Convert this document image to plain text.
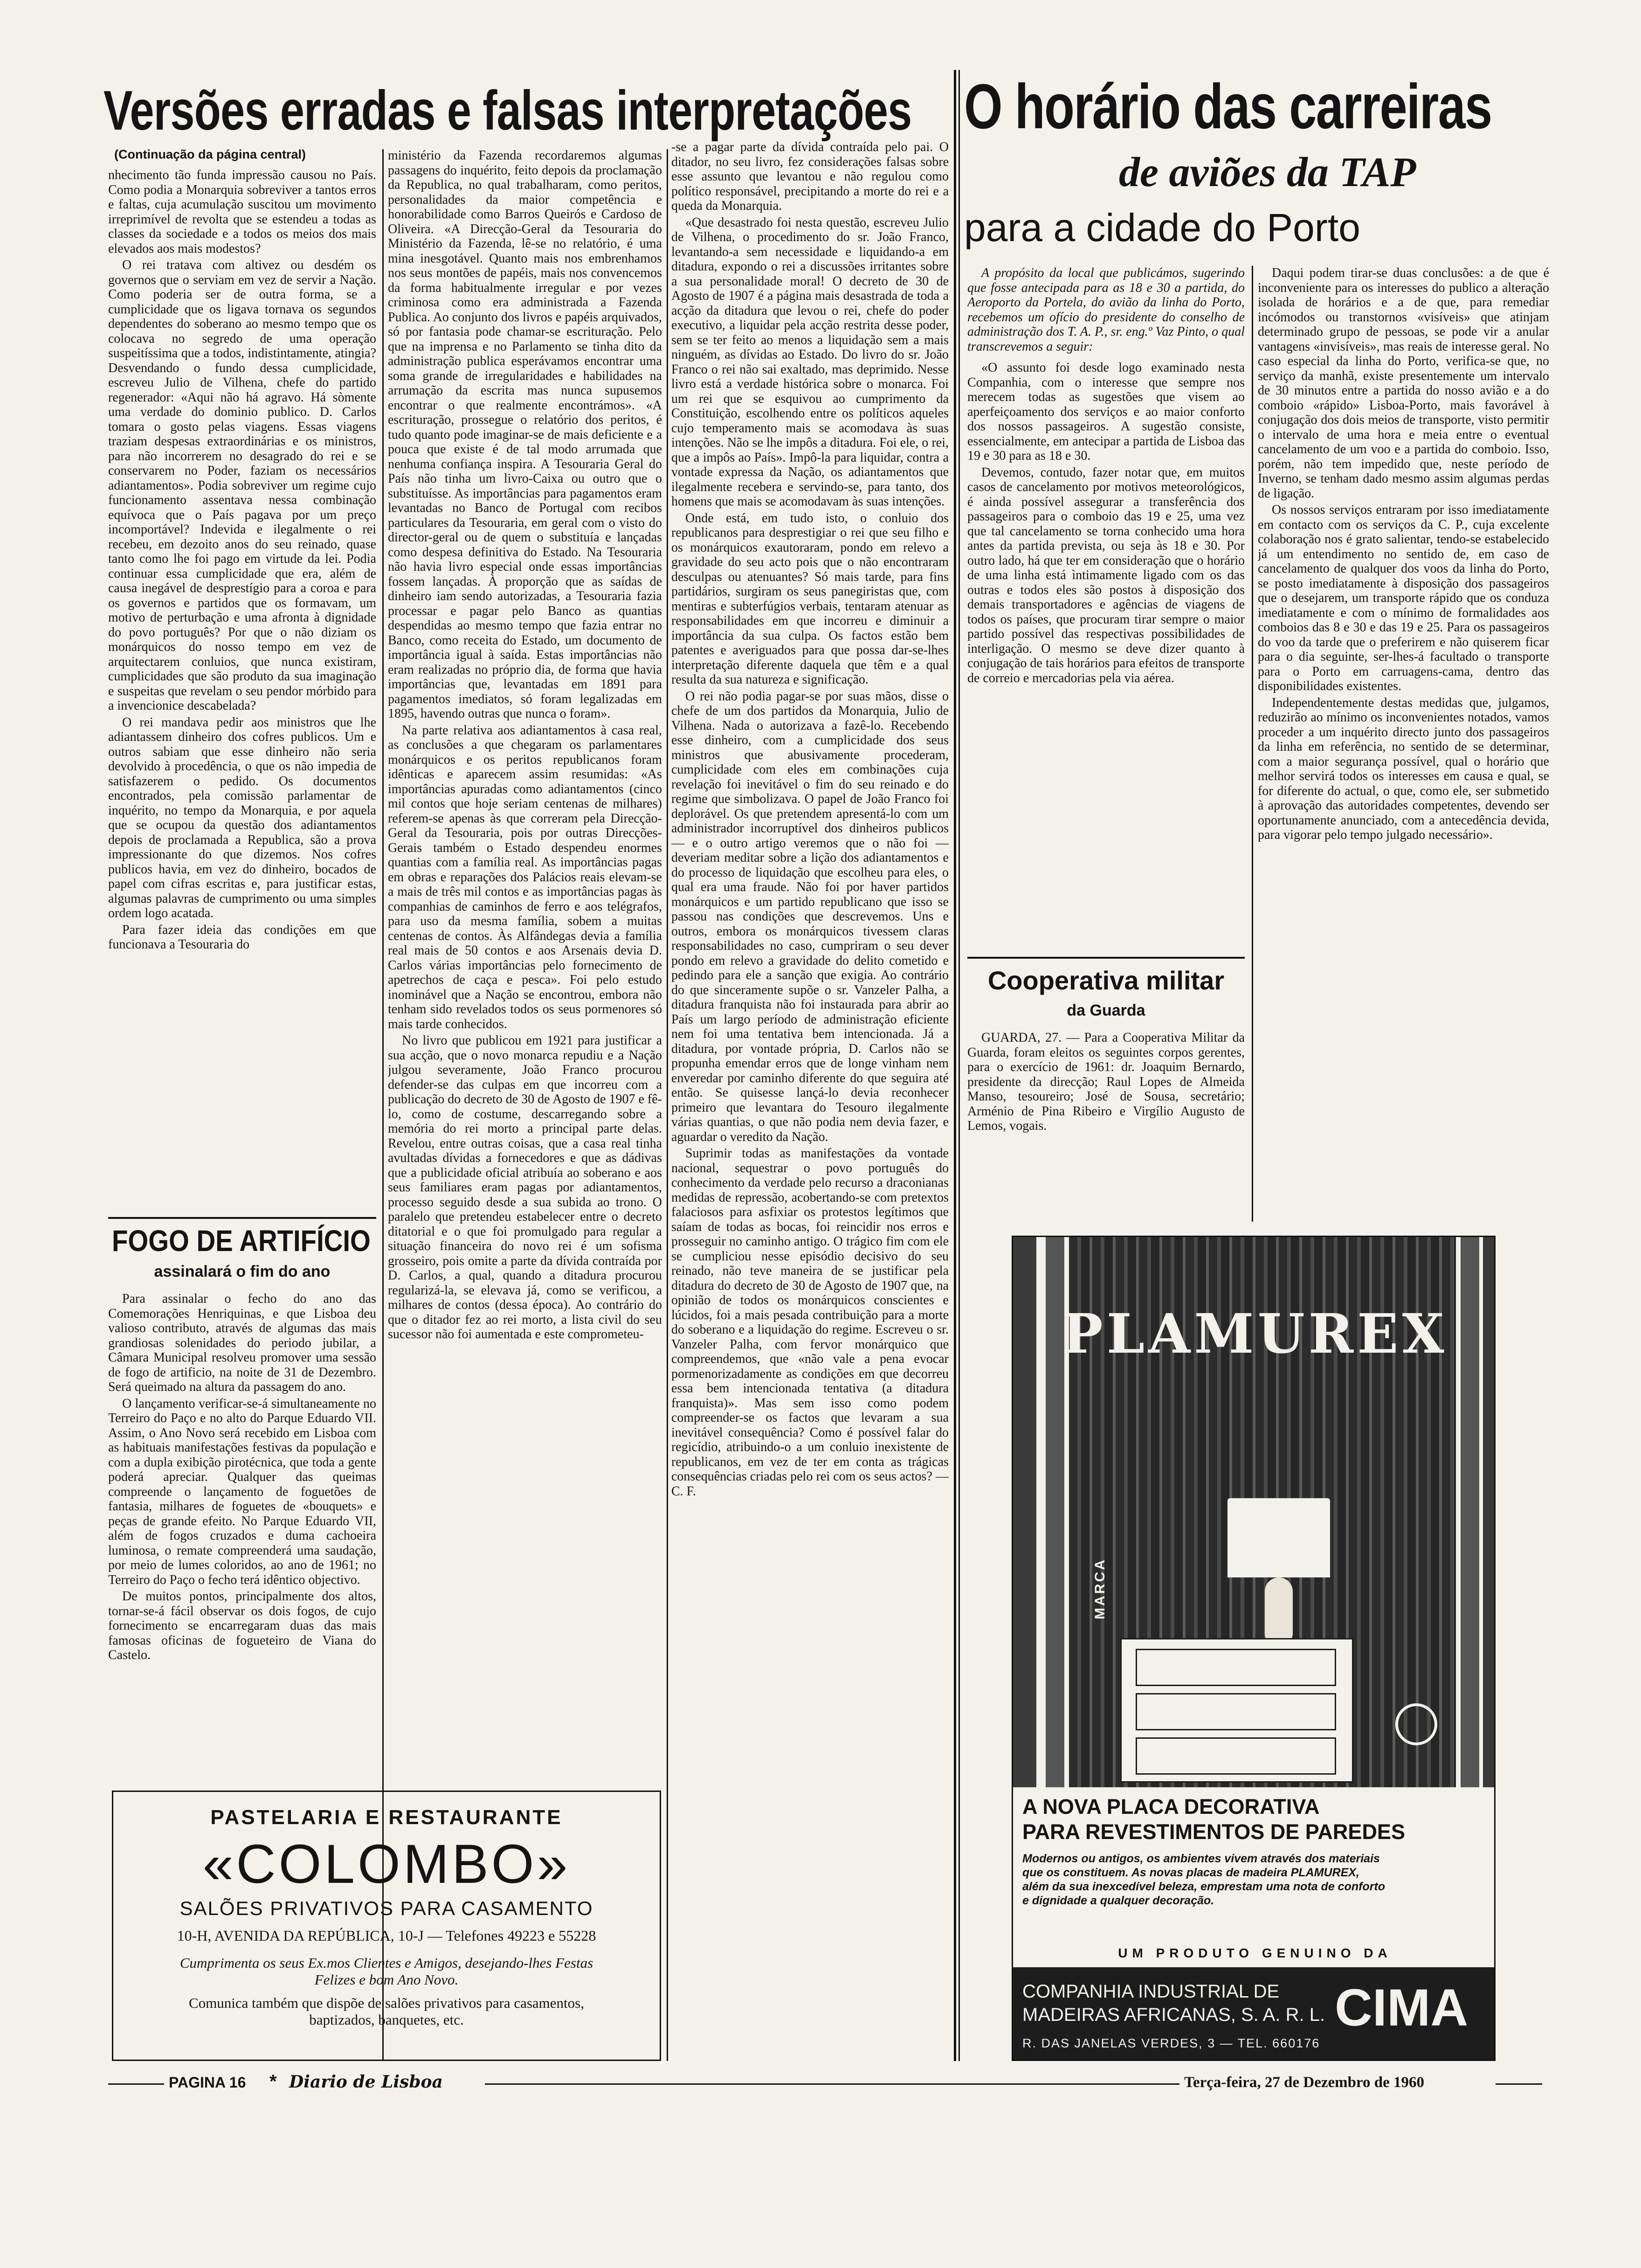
Versões erradas e falsas interpretações
(Continuação da página central)

nhecimento tão funda impressão causou no País. Como podia a Monarquia sobreviver a tantos erros e faltas, cuja acumulação suscitou um movimento irreprimível de revolta que se estendeu a todas as classes da sociedade e a todos os meios dos mais elevados aos mais modestos?

O rei tratava com altivez ou desdém os governos que o serviam em vez de servir a Nação. Como poderia ser de outra forma, se a cumplicidade que os ligava tornava os segundos dependentes do soberano ao mesmo tempo que os colocava no segredo de uma operação suspeitíssima que a todos, indistintamente, atingia? Desvendando o fundo dessa cumplicidade, escreveu Julio de Vilhena, chefe do partido regenerador: «Aqui não há agravo. Há sòmente uma verdade do dominio publico. D. Carlos tomara o gosto pelas viagens. Essas viagens traziam despesas extraordinárias e os ministros, para não incorrerem no desagrado do rei e se conservarem no Poder, faziam os necessários adiantamentos». Podia sobreviver um regime cujo funcionamento assentava nessa combinação equívoca que o País pagava por um preço incomportável? Indevida e ilegalmente o rei recebeu, em dezoito anos do seu reinado, quase tanto como lhe foi pago em virtude da lei. Podia continuar essa cumplicidade que era, além de causa inegável de desprestígio para a coroa e para os governos e partidos que os formavam, um motivo de perturbação e uma afronta à dignidade do povo português? Por que o não diziam os monárquicos do nosso tempo em vez de arquitectarem conluios, que nunca existiram, cumplicidades que são produto da sua imaginação e suspeitas que revelam o seu pendor mórbido para a invencionice descabelada?

O rei mandava pedir aos ministros que lhe adiantassem dinheiro dos cofres publicos. Um e outros sabiam que esse dinheiro não seria devolvido à procedência, o que os não impedia de satisfazerem o pedido. Os documentos encontrados, pela comissão parlamentar de inquérito, no tempo da Monarquia, e por aquela que se ocupou da questão dos adiantamentos depois de proclamada a Republica, são a prova impressionante do que dizemos. Nos cofres publicos havia, em vez do dinheiro, bocados de papel com cifras escritas e, para justificar estas, algumas palavras de cumprimento ou uma simples ordem logo acatada.

Para fazer ideia das condições em que funcionava a Tesouraria do

ministério da Fazenda recordaremos algumas passagens do inquérito, feito depois da proclamação da Republica, no qual trabalharam, como peritos, personalidades da maior competência e honorabilidade como Barros Queirós e Cardoso de Oliveira. «A Direcção-Geral da Tesouraria do Ministério da Fazenda, lê-se no relatório, é uma mina inesgotável. Quanto mais nos embrenhamos nos seus montões de papéis, mais nos convencemos da forma habitualmente irregular e por vezes criminosa como era administrada a Fazenda Publica. Ao conjunto dos livros e papéis arquivados, só por fantasia pode chamar-se escrituração. Pelo que na imprensa e no Parlamento se tinha dito da administração publica esperávamos encontrar uma soma grande de irregularidades e habilidades na arrumação da escrita mas nunca supusemos encontrar o que realmente encontrámos». «A escrituração, prossegue o relatório dos peritos, é tudo quanto pode imaginar-se de mais deficiente e a pouca que existe é de tal modo arrumada que nenhuma confiança inspira. A Tesouraria Geral do País não tinha um livro-Caixa ou outro que o substituísse. As importâncias para pagamentos eram levantadas no Banco de Portugal com recibos particulares da Tesouraria, em geral com o visto do director-geral ou de quem o substituía e lançadas como despesa definitiva do Estado. Na Tesouraria não havia livro especial onde essas importâncias fossem lançadas. À proporção que as saídas de dinheiro iam sendo autorizadas, a Tesouraria fazia processar e pagar pelo Banco as quantias despendidas ao mesmo tempo que fazia entrar no Banco, como receita do Estado, um documento de importância igual à saída. Estas importâncias não eram realizadas no próprio dia, de forma que havia importâncias que, levantadas em 1891 para pagamentos imediatos, só foram legalizadas em 1895, havendo outras que nunca o foram».

Na parte relativa aos adiantamentos à casa real, as conclusões a que chegaram os parlamentares monárquicos e os peritos republicanos foram idênticas e aparecem assim resumidas: «As importâncias apuradas como adiantamentos (cinco mil contos que hoje seriam centenas de milhares) referem-se apenas às que correram pela Direcção-Geral da Tesouraria, pois por outras Direcções-Gerais também o Estado despendeu enormes quantias com a família real. As importâncias pagas em obras e reparações dos Palácios reais elevam-se a mais de três mil contos e as importâncias pagas às companhias de caminhos de ferro e aos telégrafos, para uso da mesma família, sobem a muitas centenas de contos. Às Alfândegas devia a família real mais de 50 contos e aos Arsenais devia D. Carlos várias importâncias pelo fornecimento de apetrechos de caça e pesca». Foi pelo estudo inominável que a Nação se encontrou, embora não tenham sido revelados todos os seus pormenores só mais tarde conhecidos.

No livro que publicou em 1921 para justificar a sua acção, que o novo monarca repudiu e a Nação julgou severamente, João Franco procurou defender-se das culpas em que incorreu com a publicação do decreto de 30 de Agosto de 1907 e fê-lo, como de costume, descarregando sobre a memória do rei morto a principal parte delas. Revelou, entre outras coisas, que a casa real tinha avultadas dívidas a fornecedores e que as dádivas que a publicidade oficial atribuía ao soberano e aos seus familiares eram pagas por adiantamentos, processo seguido desde a sua subida ao trono. O paralelo que pretendeu estabelecer entre o decreto ditatorial e o que foi promulgado para regular a situação financeira do novo rei é um sofisma grosseiro, pois omite a parte da dívida contraída por D. Carlos, a qual, quando a ditadura procurou regularizá-la, se elevava já, como se verificou, a milhares de contos (dessa época). Ao contrário do que o ditador fez ao rei morto, a lista civil do seu sucessor não foi aumentada e este comprometeu-

-se a pagar parte da dívida contraída pelo pai. O ditador, no seu livro, fez considerações falsas sobre esse assunto que levantou e não regulou como político responsável, precipitando a morte do rei e a queda da Monarquia.

«Que desastrado foi nesta questão, escreveu Julio de Vilhena, o procedimento do sr. João Franco, levantando-a sem necessidade e liquidando-a em ditadura, expondo o rei a discussões irritantes sobre a sua personalidade moral! O decreto de 30 de Agosto de 1907 é a página mais desastrada de toda a acção da ditadura que levou o rei, chefe do poder executivo, a liquidar pela acção restrita desse poder, sem se ter feito ao menos a liquidação sem a mais ninguém, as dívidas ao Estado. Do livro do sr. João Franco o rei não sai exaltado, mas deprimido. Nesse livro está a verdade histórica sobre o monarca. Foi um rei que se esquivou ao cumprimento da Constituição, escolhendo entre os políticos aqueles cujo temperamento mais se acomodava às suas intenções. Não se lhe impôs a ditadura. Foi ele, o rei, que a impôs ao País». Impô-la para liquidar, contra a vontade expressa da Nação, os adiantamentos que ilegalmente recebera e servindo-se, para tanto, dos homens que mais se acomodavam às suas intenções.

Onde está, em tudo isto, o conluio dos republicanos para desprestigiar o rei que seu filho e os monárquicos exautoraram, pondo em relevo a gravidade do seu acto pois que o não encontraram desculpas ou atenuantes? Só mais tarde, para fins partidários, surgiram os seus panegiristas que, com mentiras e subterfúgios verbais, tentaram atenuar as responsabilidades em que incorreu e diminuir a importância da sua culpa. Os factos estão bem patentes e averiguados para que possa dar-se-lhes interpretação diferente daquela que têm e a qual resulta da sua natureza e significação.

O rei não podia pagar-se por suas mãos, disse o chefe de um dos partidos da Monarquia, Julio de Vilhena. Nada o autorizava a fazê-lo. Recebendo esse dinheiro, com a cumplicidade dos seus ministros que abusivamente procederam, cumplicidade com eles em combinações cuja revelação foi inevitável o fim do seu reinado e do regime que simbolizava. O papel de João Franco foi deplorável. Os que pretendem apresentá-lo com um administrador incorruptível dos dinheiros publicos — e o outro artigo veremos que o não foi — deveriam meditar sobre a lição dos adiantamentos e do processo de liquidação que escolheu para eles, o qual era uma fraude. Não foi por haver partidos monárquicos e um partido republicano que isso se passou nas condições que descrevemos. Uns e outros, embora os monárquicos tivessem claras responsabilidades no caso, cumpriram o seu dever pondo em relevo a gravidade do delito cometido e pedindo para ele a sanção que exigia. Ao contrário do que sinceramente supõe o sr. Vanzeler Palha, a ditadura franquista não foi instaurada para abrir ao País um largo período de administração eficiente nem foi uma tentativa bem intencionada. Já a ditadura, por vontade própria, D. Carlos não se propunha emendar erros que de longe vinham nem enveredar por caminho diferente do que seguira até então. Se quisesse lançá-lo devia reconhecer primeiro que levantara do Tesouro ilegalmente várias quantias, o que não podia nem devia fazer, e aguardar o veredito da Nação.

Suprimir todas as manifestações da vontade nacional, sequestrar o povo português do conhecimento da verdade pelo recurso a draconianas medidas de repressão, acobertando-se com pretextos falaciosos para asfixiar os protestos legítimos que saíam de todas as bocas, foi reincidir nos erros e prosseguir no caminho antigo. O trágico fim com ele se cumpliciou nesse episódio decisivo do seu reinado, não teve maneira de se justificar pela ditadura do decreto de 30 de Agosto de 1907 que, na opinião de todos os monárquicos conscientes e lúcidos, foi a mais pesada contribuição para a morte do soberano e a liquidação do regime. Escreveu o sr. Vanzeler Palha, com fervor monárquico que compreendemos, que «não vale a pena evocar pormenorizadamente as condições em que decorreu essa bem intencionada tentativa (a ditadura franquista)». Mas sem isso como podem compreender-se os factos que levaram a sua inevitável consequência? Como é possível falar do regicídio, atribuindo-o a um conluio inexistente de republicanos, em vez de ter em conta as trágicas consequências criadas pelo rei com os seus actos? — C. F.

FOGO DE ARTIFÍCIO
assinalará o fim do ano

Para assinalar o fecho do ano das Comemorações Henriquinas, e que Lisboa deu valioso contributo, através de algumas das mais grandiosas solenidades do periodo jubilar, a Câmara Municipal resolveu promover uma sessão de fogo de artificio, na noite de 31 de Dezembro. Será queimado na altura da passagem do ano.

O lançamento verificar-se-á simultaneamente no Terreiro do Paço e no alto do Parque Eduardo VII. Assim, o Ano Novo será recebido em Lisboa com as habituais manifestações festivas da população e com a dupla exibição pirotécnica, que toda a gente poderá apreciar. Qualquer das queimas compreende o lançamento de foguetões de fantasia, milhares de foguetes de «bouquets» e peças de grande efeito. No Parque Eduardo VII, além de fogos cruzados e duma cachoeira luminosa, o remate compreenderá uma saudação, por meio de lumes coloridos, ao ano de 1961; no Terreiro do Paço o fecho terá idêntico objectivo.

De muitos pontos, principalmente dos altos, tornar-se-á fácil observar os dois fogos, de cujo fornecimento se encarregaram duas das mais famosas oficinas de fogueteiro de Viana do Castelo.

PASTELARIA E RESTAURANTE
«COLOMBO»
SALÕES PRIVATIVOS PARA CASAMENTO
10-H, AVENIDA DA REPÚBLICA, 10-J — Telefones 49223 e 55228
Cumprimenta os seus Ex.mos Clientes e Amigos, desejando-lhes Festas Felizes e bom Ano Novo.
Comunica também que dispõe de salões privativos para casamentos, baptizados, banquetes, etc.
O horário das carreiras
de aviões da TAP
para a cidade do Porto

A propósito da local que publicámos, sugerindo que fosse antecipada para as 18 e 30 a partida, do Aeroporto da Portela, do avião da linha do Porto, recebemos um ofício do presidente do conselho de administração dos T. A. P., sr. eng.º Vaz Pinto, o qual transcrevemos a seguir:

«O assunto foi desde logo examinado nesta Companhia, com o interesse que sempre nos merecem todas as sugestões que visem ao aperfeiçoamento dos serviços e ao maior conforto dos nossos passageiros. A sugestão consiste, essencialmente, em antecipar a partida de Lisboa das 19 e 30 para as 18 e 30.

Devemos, contudo, fazer notar que, em muitos casos de cancelamento por motivos meteorológicos, é ainda possível assegurar a transferência dos passageiros para o comboio das 19 e 25, uma vez que tal cancelamento se torna conhecido uma hora antes da partida prevista, ou seja às 18 e 30. Por outro lado, há que ter em consideração que o horário de uma linha está ìntimamente ligado com os das outras e todos eles são postos à disposição dos demais transportadores e agências de viagens de todos os países, que procuram tirar sempre o maior partido possível das respectivas possibilidades de interligação. O mesmo se deve dizer quanto à conjugação de tais horários para efeitos de transporte de correio e mercadorias pela via aérea.

Daqui podem tirar-se duas conclusões: a de que é inconveniente para os interesses do publico a alteração isolada de horários e a de que, para remediar incómodos ou transtornos «visíveis» que atinjam determinado grupo de pessoas, se pode vir a anular vantagens «invisíveis», mas reais de interesse geral. No caso especial da linha do Porto, verifica-se que, no serviço da manhã, existe presentemente um intervalo de 30 minutos entre a partida do nosso avião e a do comboio «rápido» Lisboa-Porto, mais favorável à conjugação dos dois meios de transporte, visto permitir o intervalo de uma hora e meia entre o eventual cancelamento de um voo e a partida do comboio. Isso, porém, não tem impedido que, neste período de Inverno, se tenham dado mesmo assim algumas perdas de ligação.

Os nossos serviços entraram por isso imediatamente em contacto com os serviços da C. P., cuja excelente colaboração nos é grato salientar, tendo-se estabelecido já um entendimento no sentido de, em caso de cancelamento de qualquer dos voos da linha do Porto, se posto imediatamente à disposição dos passageiros que o desejarem, um transporte rápido que os conduza imediatamente e com o mínimo de formalidades aos comboios das 8 e 30 e das 19 e 25. Para os passageiros do voo da tarde que o preferirem e não quiserem ficar para o dia seguinte, ser-lhes-á facultado o transporte para o Porto em carruagens-cama, dentro das disponibilidades existentes.

Independentemente destas medidas que, julgamos, reduzirão ao mínimo os inconvenientes notados, vamos proceder a um inquérito directo junto dos passageiros da linha em referência, no sentido de se determinar, com a maior segurança possível, qual o horário que melhor servirá todos os interesses em causa e qual, se for diferente do actual, o que, como ele, ser submetido à aprovação das autoridades competentes, devendo ser oportunamente anunciado, com a antecedência devida, para vigorar pelo tempo julgado necessário».

Cooperativa militar
da Guarda

GUARDA, 27. — Para a Cooperativa Militar da Guarda, foram eleitos os seguintes corpos gerentes, para o exercício de 1961: dr. Joaquim Bernardo, presidente da direcção; Raul Lopes de Almeida Manso, tesoureiro; José de Sousa, secretário; Arménio de Pina Ribeiro e Virgílio Augusto de Lemos, vogais.

PLAMUREX
MARCA
A NOVA PLACA DECORATIVA
PARA REVESTIMENTOS DE PAREDES
Modernos ou antigos, os ambientes vivem através dos materiais que os constituem. As novas placas de madeira PLAMUREX, além da sua inexcedível beleza, emprestam uma nota de conforto e dignidade a qualquer decoração.
UM PRODUTO GENUINO DA
COMPANHIA INDUSTRIAL DE
MADEIRAS AFRICANAS, S. A. R. L. CIMA
R. DAS JANELAS VERDES, 3 — TEL. 660176
PAGINA 16 * Diario de Lisboa	Terça-feira, 27 de Dezembro de 1960
